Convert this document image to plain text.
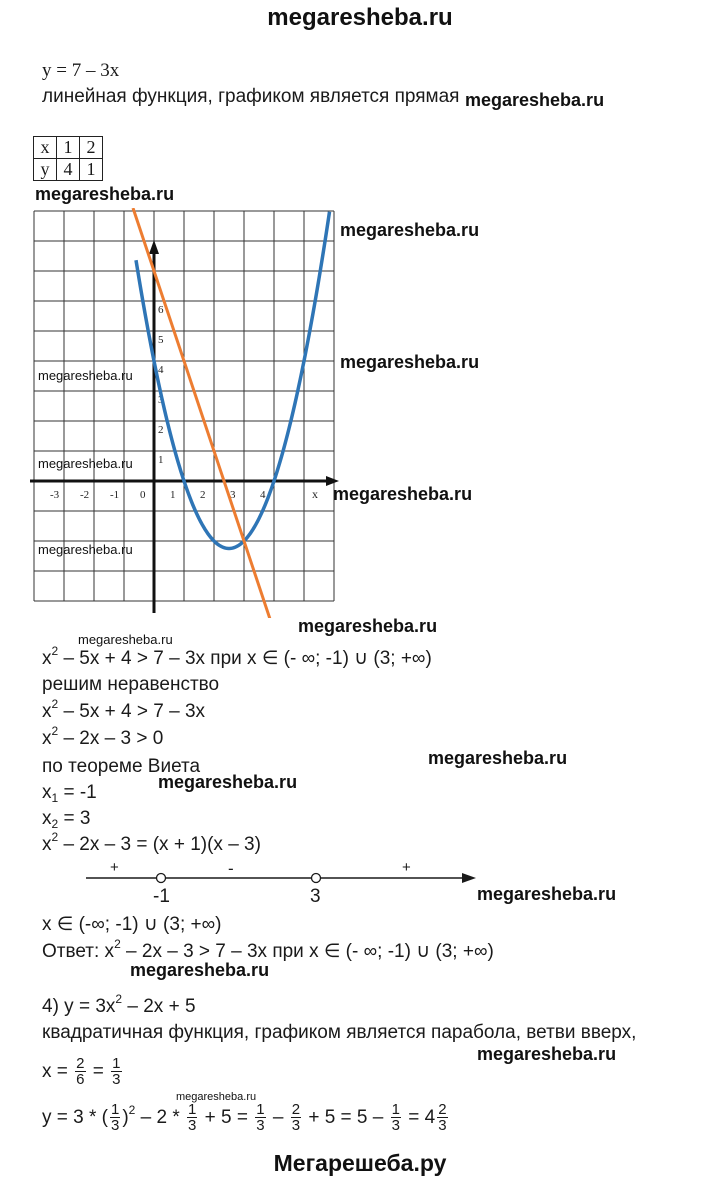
megaresheba.ru
y = 7 – 3x
линейная функция, графиком является прямая megaresheba.ru
x	1	2
y	4	1
megaresheba.ru
-3 -2 -1 0 1 2 3 4	x
1
2
3
4
5
6
megaresheba.ru
megaresheba.ru
megaresheba.ru
megaresheba.ru
megaresheba.ru
megaresheba.ru
megaresheba.ru
megaresheba.ru
$x^2 - 5x + 4 > 7 - 3x$ при x ∈ (- ∞; -1) ∪ (3; +∞)
решим неравенство
$x^2 - 5x + 4 > 7 - 3x$
$x^2 - 2x - 3 > 0$
по теореме Виета	megaresheba.ru
megaresheba.ru
$x_1 = -1$
$x_2 = 3$
$x^2 - 2x - 3 = (x + 1)(x - 3)$
+	-	+
-1	3	megaresheba.ru
x ∈ (-∞; -1) ∪ (3; +∞)
Ответ: $x^2 - 2x - 3 > 7 - 3x$ при x ∈ (- ∞; -1) ∪ (3; +∞)
megaresheba.ru
4) $y = 3x^2 - 2x + 5$
квадратичная функция, графиком является парабола, ветви вверх,
megaresheba.ru
$x = \frac{2}{6} = \frac{1}{3}$
megaresheba.ru
y = 3 * ( $\frac{1}{3} )^2 - 2 * \frac{1}{3} + 5 = \frac{1}{3} - \frac{2}{3} + 5 = 5 - \frac{1}{3} = 4 \frac{2}{3}$
Мегарешеба.ру
